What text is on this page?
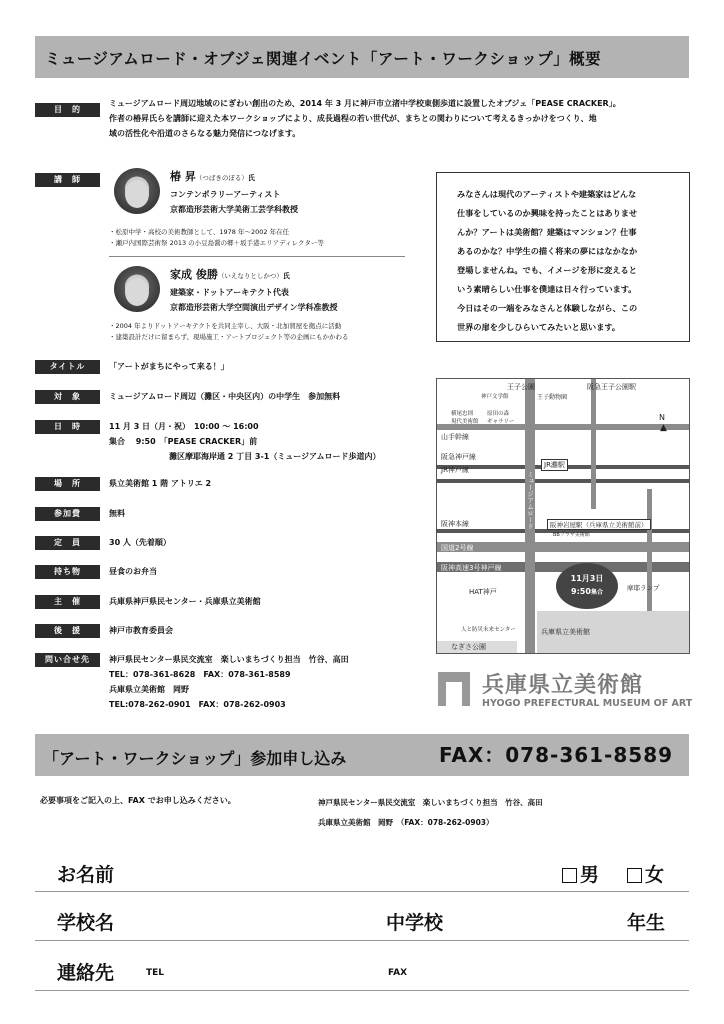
ミュージアムロード・オブジェ関連イベント「アート・ワークショップ」概要
目　的
ミュージアムロード周辺地域のにぎわい創出のため、2014 年 3 月に神戸市立渚中学校東側歩道に設置したオブジェ「PEASE CRACKER」。
作者の椿昇氏らを講師に迎えた本ワークショップにより、成長過程の若い世代が、まちとの関わりについて考えるきっかけをつくり、地
域の活性化や沿道のさらなる魅力発信につなげます。
講　師	椿 昇（つばきのぼる）氏
コンテンポラリーアーティスト
京都造形芸術大学美術工芸学科教授
・松原中学・高校の美術教師として、1978 年～2002 年在任
・瀬戸内国際芸術祭 2013 の小豆島醤の郷＋坂手港エリアディレクター等
家成 俊勝（いえなりとしかつ）氏
建築家・ドットアーキテクト代表
京都造形芸術大学空間演出デザイン学科准教授
・2004 年よりドットアーキテクトを共同主宰し、大阪・北加賀屋を拠点に活動
・建築設計だけに留まらず、現場施工・アートプロジェクト等の企画にもかかわる

みなさんは現代のアーティストや建築家はどんな
仕事をしているのか興味を持ったことはありませ
んか？アートは美術館？建築はマンション？仕事
あるのかな？中学生の描く将来の夢にはなかなか
登場しませんね。でも、イメージを形に変えると
いう素晴らしい仕事を僕達は日々行っています。
今日はその一端をみなさんと体験しながら、この
世界の扉を少しひらいてみたいと思います。

タイトル	「アートがまちにやって来る！」
対　象	ミュージアムロード周辺（灘区・中央区内）の中学生　参加無料
日　時	11 月 3 日（月・祝）　10:00 ～ 16:00
集合　 9:50　「PEASE CRACKER」前
灘区摩耶海岸通 2 丁目 3-1（ミュージアムロード歩道内）
場　所	県立美術館 1 階 アトリエ 2
参加費	無料
定　員	30 人（先着順）
持ち物	昼食のお弁当
主　催	兵庫県神戸県民センター・兵庫県立美術館
後　援	神戸市教育委員会
問い合せ先	神戸県民センター県民交流室　楽しいまちづくり担当　竹谷、高田
TEL：078-361-8628　FAX：078-361-8589
兵庫県立美術館　岡野
TEL:078-262-0901　FAX：078-262-0903
王子公園	阪急王子公園駅
神戸文学館	王子動物園
横尾忠則
現代美術館
原田の森
ギャラリー
山手幹線
阪急神戸線
JR灘駅
JR神戸線
ミュージアムロード
阪神本線	阪神岩屋駅（兵庫県立美術館前）
BBプラザ美術館
国道2号線
阪神高速3号神戸線
HAT神戸	摩耶ランプ
人と防災未来センター	兵庫県立美術館
なぎさ公園
N
▲
11月3日
9:50集合
兵庫県立美術館
HYOGO PREFECTURAL MUSEUM OF ART
「アート・ワークショップ」参加申し込み	FAX：078-361-8589
必要事項をご記入の上、FAX でお申し込みください。	神戸県民センター県民交流室　楽しいまちづくり担当　竹谷、高田
兵庫県立美術館　岡野　（FAX：078-262-0903）
お名前	男	女
学校名	中学校	年生
連絡先	TEL	FAX
